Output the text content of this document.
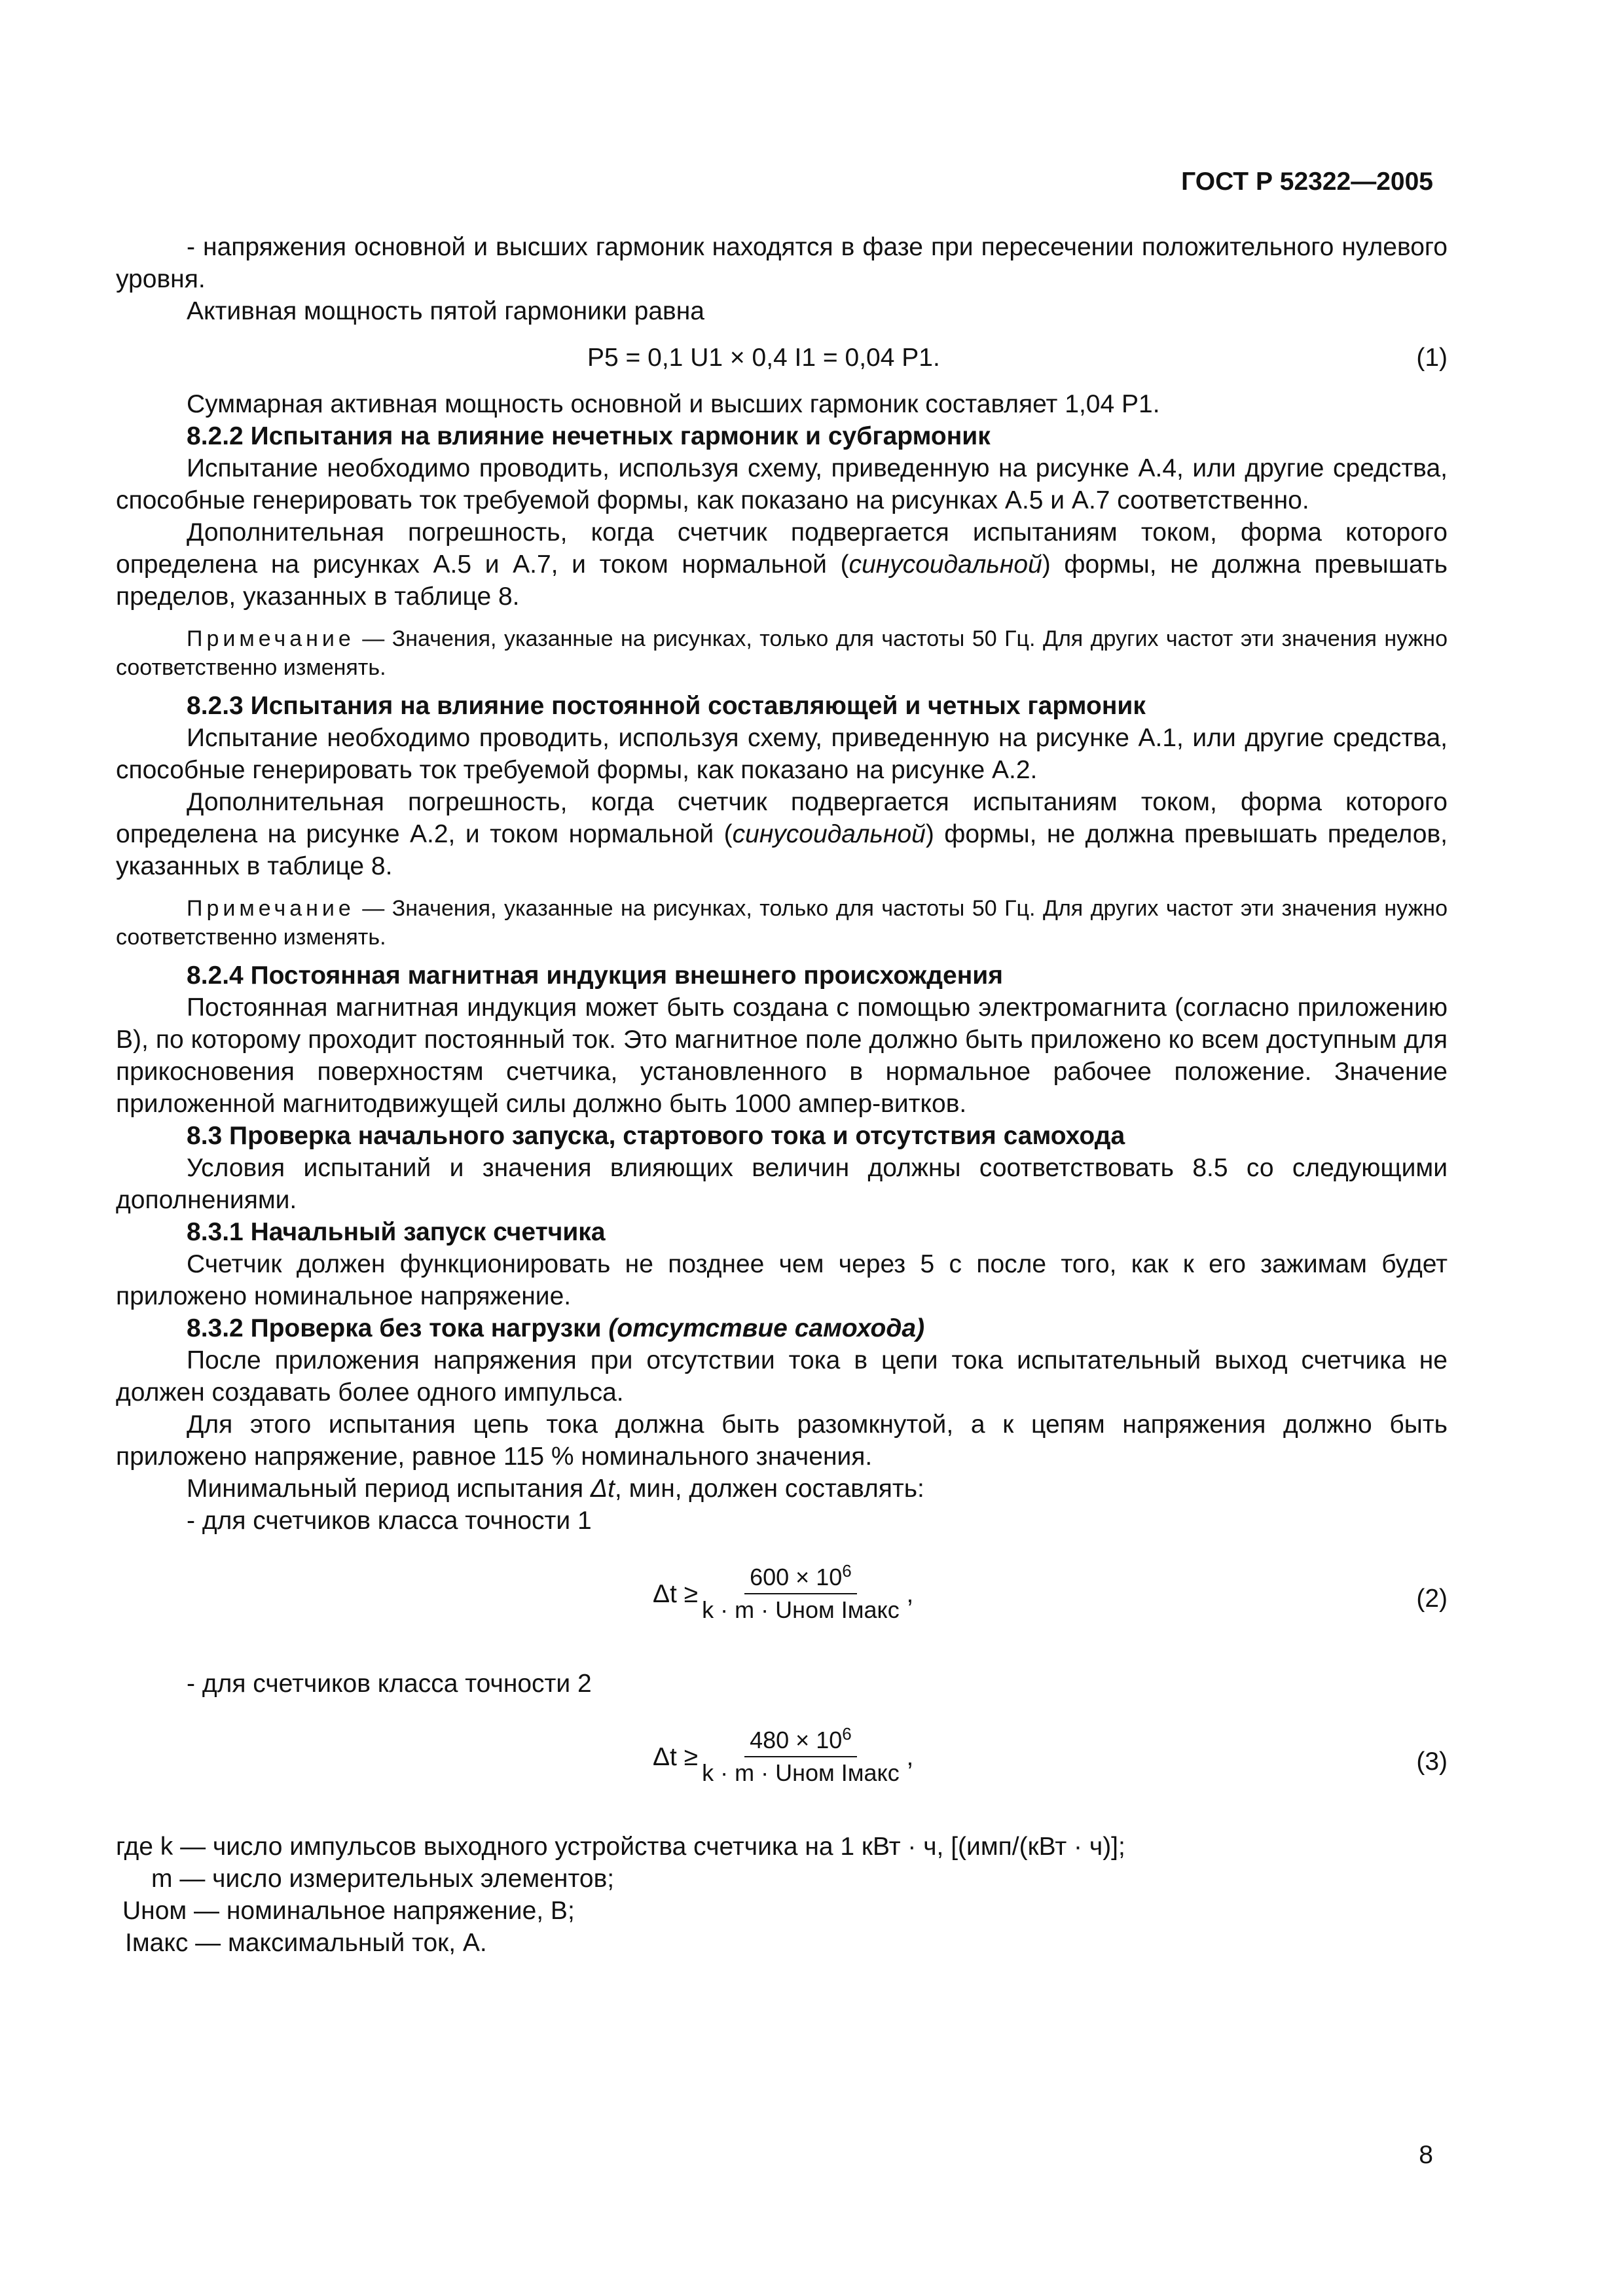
ГОСТ Р 52322—2005

- напряжения основной и высших гармоник находятся в фазе при пересечении положительного нулевого уровня.

Активная мощность пятой гармоники равна

P5 = 0,1 U1 × 0,4 I1 = 0,04 P1.	(1)

Суммарная активная мощность основной и высших гармоник составляет 1,04 P1.

8.2.2 Испытания на влияние нечетных гармоник и субгармоник

Испытание необходимо проводить, используя схему, приведенную на рисунке А.4, или другие средства, способные генерировать ток требуемой формы, как показано на рисунках А.5 и А.7 соответственно.

Дополнительная погрешность, когда счетчик подвергается испытаниям током, форма которого определена на рисунках А.5 и А.7, и током нормальной (синусоидальной) формы, не должна превышать пределов, указанных в таблице 8.

Примечание — Значения, указанные на рисунках, только для частоты 50 Гц. Для других частот эти значения нужно соответственно изменять.

8.2.3 Испытания на влияние постоянной составляющей и четных гармоник

Испытание необходимо проводить, используя схему, приведенную на рисунке А.1, или другие средства, способные генерировать ток требуемой формы, как показано на рисунке А.2.

Дополнительная погрешность, когда счетчик подвергается испытаниям током, форма которого определена на рисунке А.2, и током нормальной (синусоидальной) формы, не должна превышать пределов, указанных в таблице 8.

Примечание — Значения, указанные на рисунках, только для частоты 50 Гц. Для других частот эти значения нужно соответственно изменять.

8.2.4 Постоянная магнитная индукция внешнего происхождения

Постоянная магнитная индукция может быть создана с помощью электромагнита (согласно приложению В), по которому проходит постоянный ток. Это магнитное поле должно быть приложено ко всем доступным для прикосновения поверхностям счетчика, установленного в нормальное рабочее положение. Значение приложенной магнитодвижущей силы должно быть 1000 ампер-витков.

8.3 Проверка начального запуска, стартового тока и отсутствия самохода

Условия испытаний и значения влияющих величин должны соответствовать 8.5 со следующими дополнениями.

8.3.1 Начальный запуск счетчика

Счетчик должен функционировать не позднее чем через 5 с после того, как к его зажимам будет приложено номинальное напряжение.

8.3.2 Проверка без тока нагрузки (отсутствие самохода)

После приложения напряжения при отсутствии тока в цепи тока испытательный выход счетчика не должен создавать более одного импульса.

Для этого испытания цепь тока должна быть разомкнутой, а к цепям напряжения должно быть приложено напряжение, равное 115 % номинального значения.

Минимальный период испытания Δt, мин, должен составлять:

- для счетчиков класса точности 1

Δt ≥
$600 \times 10^6$
k · m · Uном Iмакс
,	(2)

- для счетчиков класса точности 2

Δt ≥
$480 \times 10^6$
k · m · Uном Iмакс
,	(3)

где k — число импульсов выходного устройства счетчика на 1 кВт · ч, [(имп/(кВт · ч)];

m — число измерительных элементов;

Uном — номинальное напряжение, В;

Iмакс — максимальный ток, А.

8
